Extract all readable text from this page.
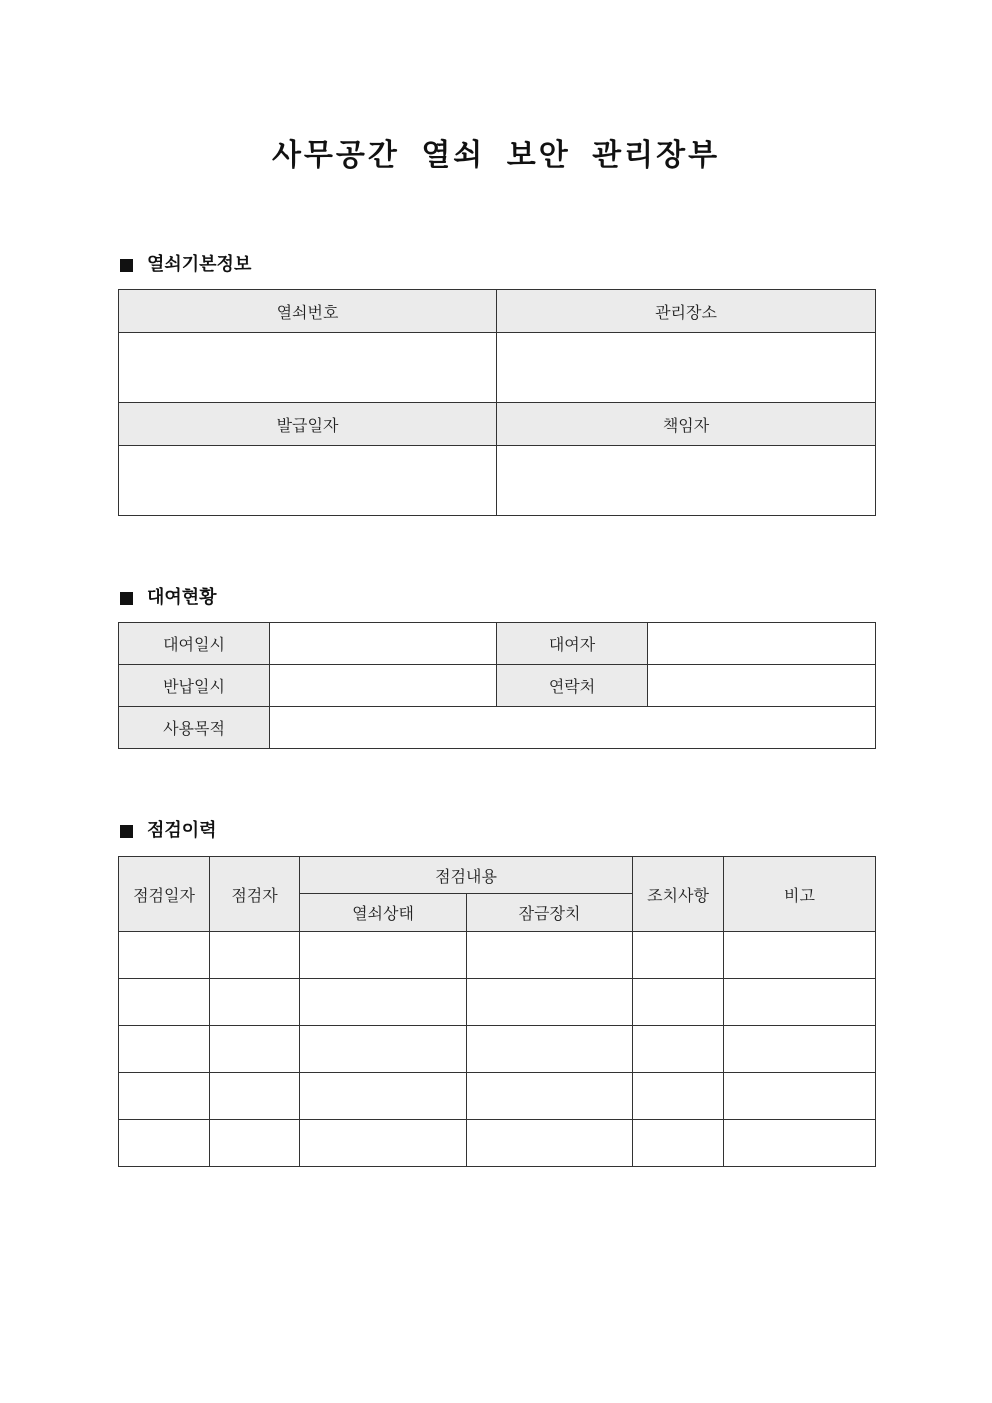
사무공간 열쇠 보안 관리장부
열쇠기본정보
열쇠번호	관리장소

발급일자	책임자

대여현황
대여일시		대여자	
반납일시		연락처	
사용목적			
점검이력
점검일자	점검자	점검내용		조치사항	비고
		열쇠상태	잠금장치		
